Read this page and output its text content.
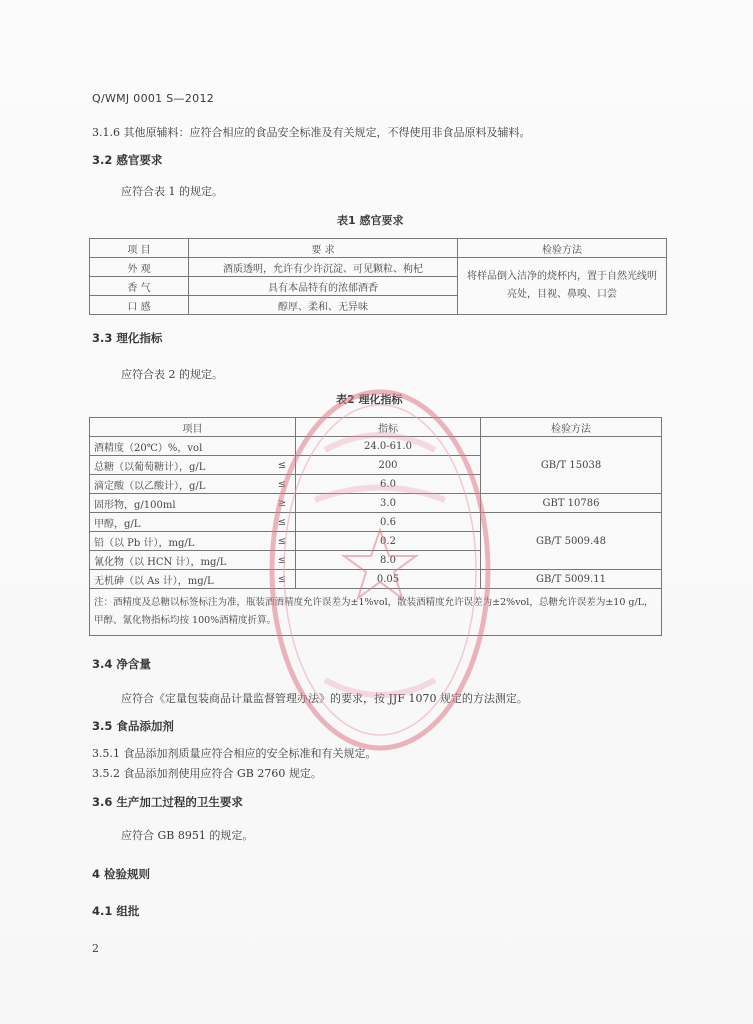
Q/WMJ 0001 S—2012
3.1.6 其他原辅料：应符合相应的食品安全标准及有关规定，不得使用非食品原料及辅料。
3.2 感官要求
应符合表 1 的规定。
表1 感官要求
项 目	要 求	检验方法
外 观	酒质透明，允许有少许沉淀、可见颗粒、枸杞	将样品倒入洁净的烧杯内，置于自然光线明亮处，目视、鼻嗅、口尝
香 气	具有本品特有的浓郁酒香	
口 感	醇厚、柔和、无异味	
3.3 理化指标
应符合表 2 的规定。
表2 理化指标
项目		指标	检验方法
酒精度（20℃）%，vol		24.0-61.0	GB/T 15038
总糖（以葡萄糖计），g/L	≤	200	
滴定酸（以乙酸计），g/L	≤	6.0	
固形物，g/100ml	≥	3.0	GBT 10786
甲醇，g/L	≤	0.6	GB/T 5009.48
铅（以 Pb 计），mg/L	≤	0.2	
氰化物（以 HCN 计），mg/L	≤	8.0	
无机砷（以 As 计），mg/L	≤	0.05	GB/T 5009.11
注：酒精度及总糖以标签标注为准，瓶装酒酒精度允许误差为±1%vol，散装酒精度允许误差为±2%vol，总糖允许误差为±10 g/L，甲醇、氰化物指标均按 100%酒精度折算。			
3.4 净含量
应符合《定量包装商品计量监督管理办法》的要求，按 JJF 1070 规定的方法测定。
3.5 食品添加剂
3.5.1 食品添加剂质量应符合相应的安全标准和有关规定。
3.5.2 食品添加剂使用应符合 GB 2760 规定。
3.6 生产加工过程的卫生要求
应符合 GB 8951 的规定。
4 检验规则
4.1 组批
2
